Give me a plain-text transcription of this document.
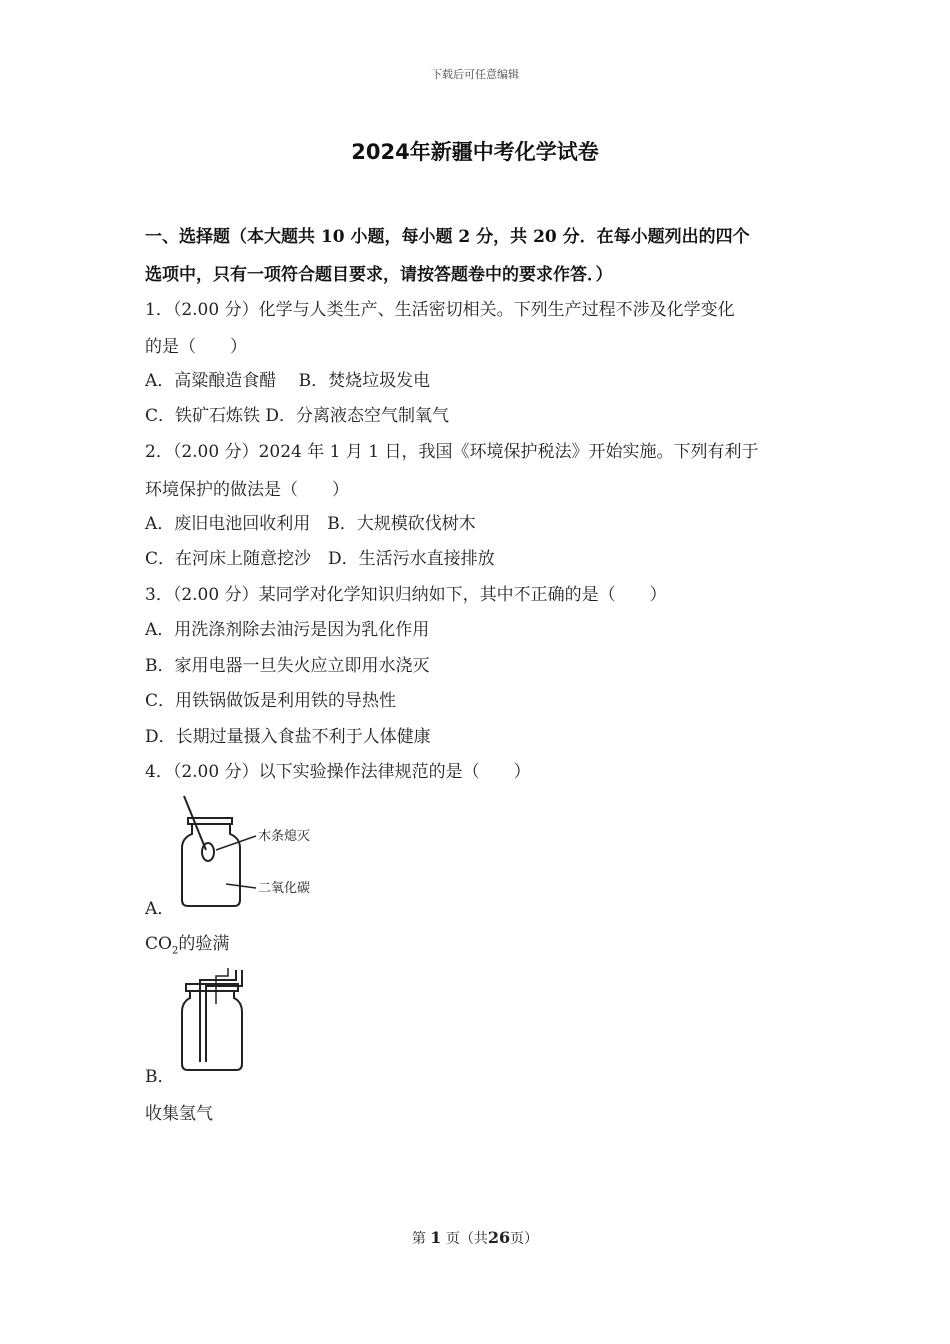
下载后可任意编辑
2024年新疆中考化学试卷
一、选择题（本大题共 10 小题，每小题 2 分，共 20 分．在每小题列出的四个
选项中，只有一项符合题目要求，请按答题卷中的要求作答．）
1．（2.00 分）化学与人类生产、生活密切相关。下列生产过程不涉及化学变化
的是（　　）
A．高粱酿造食醋　 B．焚烧垃圾发电
C．铁矿石炼铁 D．分离液态空气制氧气
2．（2.00 分）2024 年 1 月 1 日，我国《环境保护税法》开始实施。下列有利于
环境保护的做法是（　　）
A．废旧电池回收利用　B．大规模砍伐树木
C．在河床上随意挖沙　D．生活污水直接排放
3．（2.00 分）某同学对化学知识归纳如下，其中不正确的是（　　）
A．用洗涤剂除去油污是因为乳化作用
B．家用电器一旦失火应立即用水浇灭
C．用铁锅做饭是利用铁的导热性
D．长期过量摄入食盐不利于人体健康
4．（2.00 分）以下实验操作法律规范的是（　　）
木条熄灭
二氧化碳
A．
$CO_2$的验满
B．
收集氢气
第 1 页（共26页）
